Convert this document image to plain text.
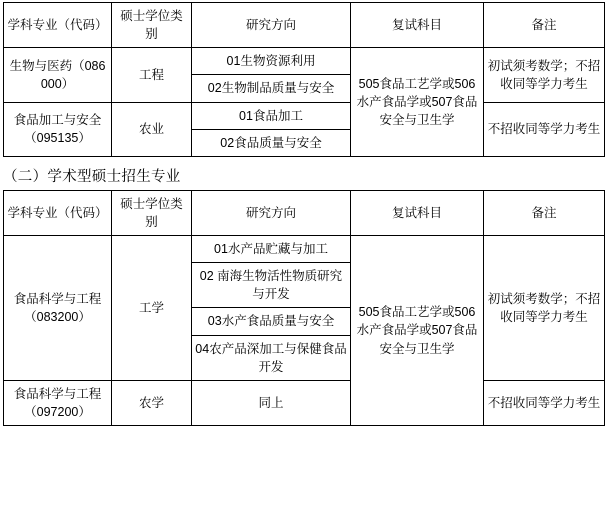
学科专业（代码）	硕士学位类别	研究方向	复试科目	备注
生物与医药（086000）	工程	01生物资源利用	505食品工艺学或506水产食品学或507食品安全与卫生学	初试须考数学；不招收同等学力考生
		02生物制品质量与安全		
食品加工与安全（095135）	农业	01食品加工		不招收同等学力考生
		02食品质量与安全		
（二）学术型硕士招生专业
学科专业（代码）	硕士学位类别	研究方向	复试科目	备注
食品科学与工程（083200）	工学	01水产品贮藏与加工	505食品工艺学或506水产食品学或507食品安全与卫生学	初试须考数学；不招收同等学力考生
		02 南海生物活性物质研究与开发		
		03水产食品质量与安全		
		04农产品深加工与保健食品开发		
食品科学与工程（097200）	农学	同上		不招收同等学力考生
